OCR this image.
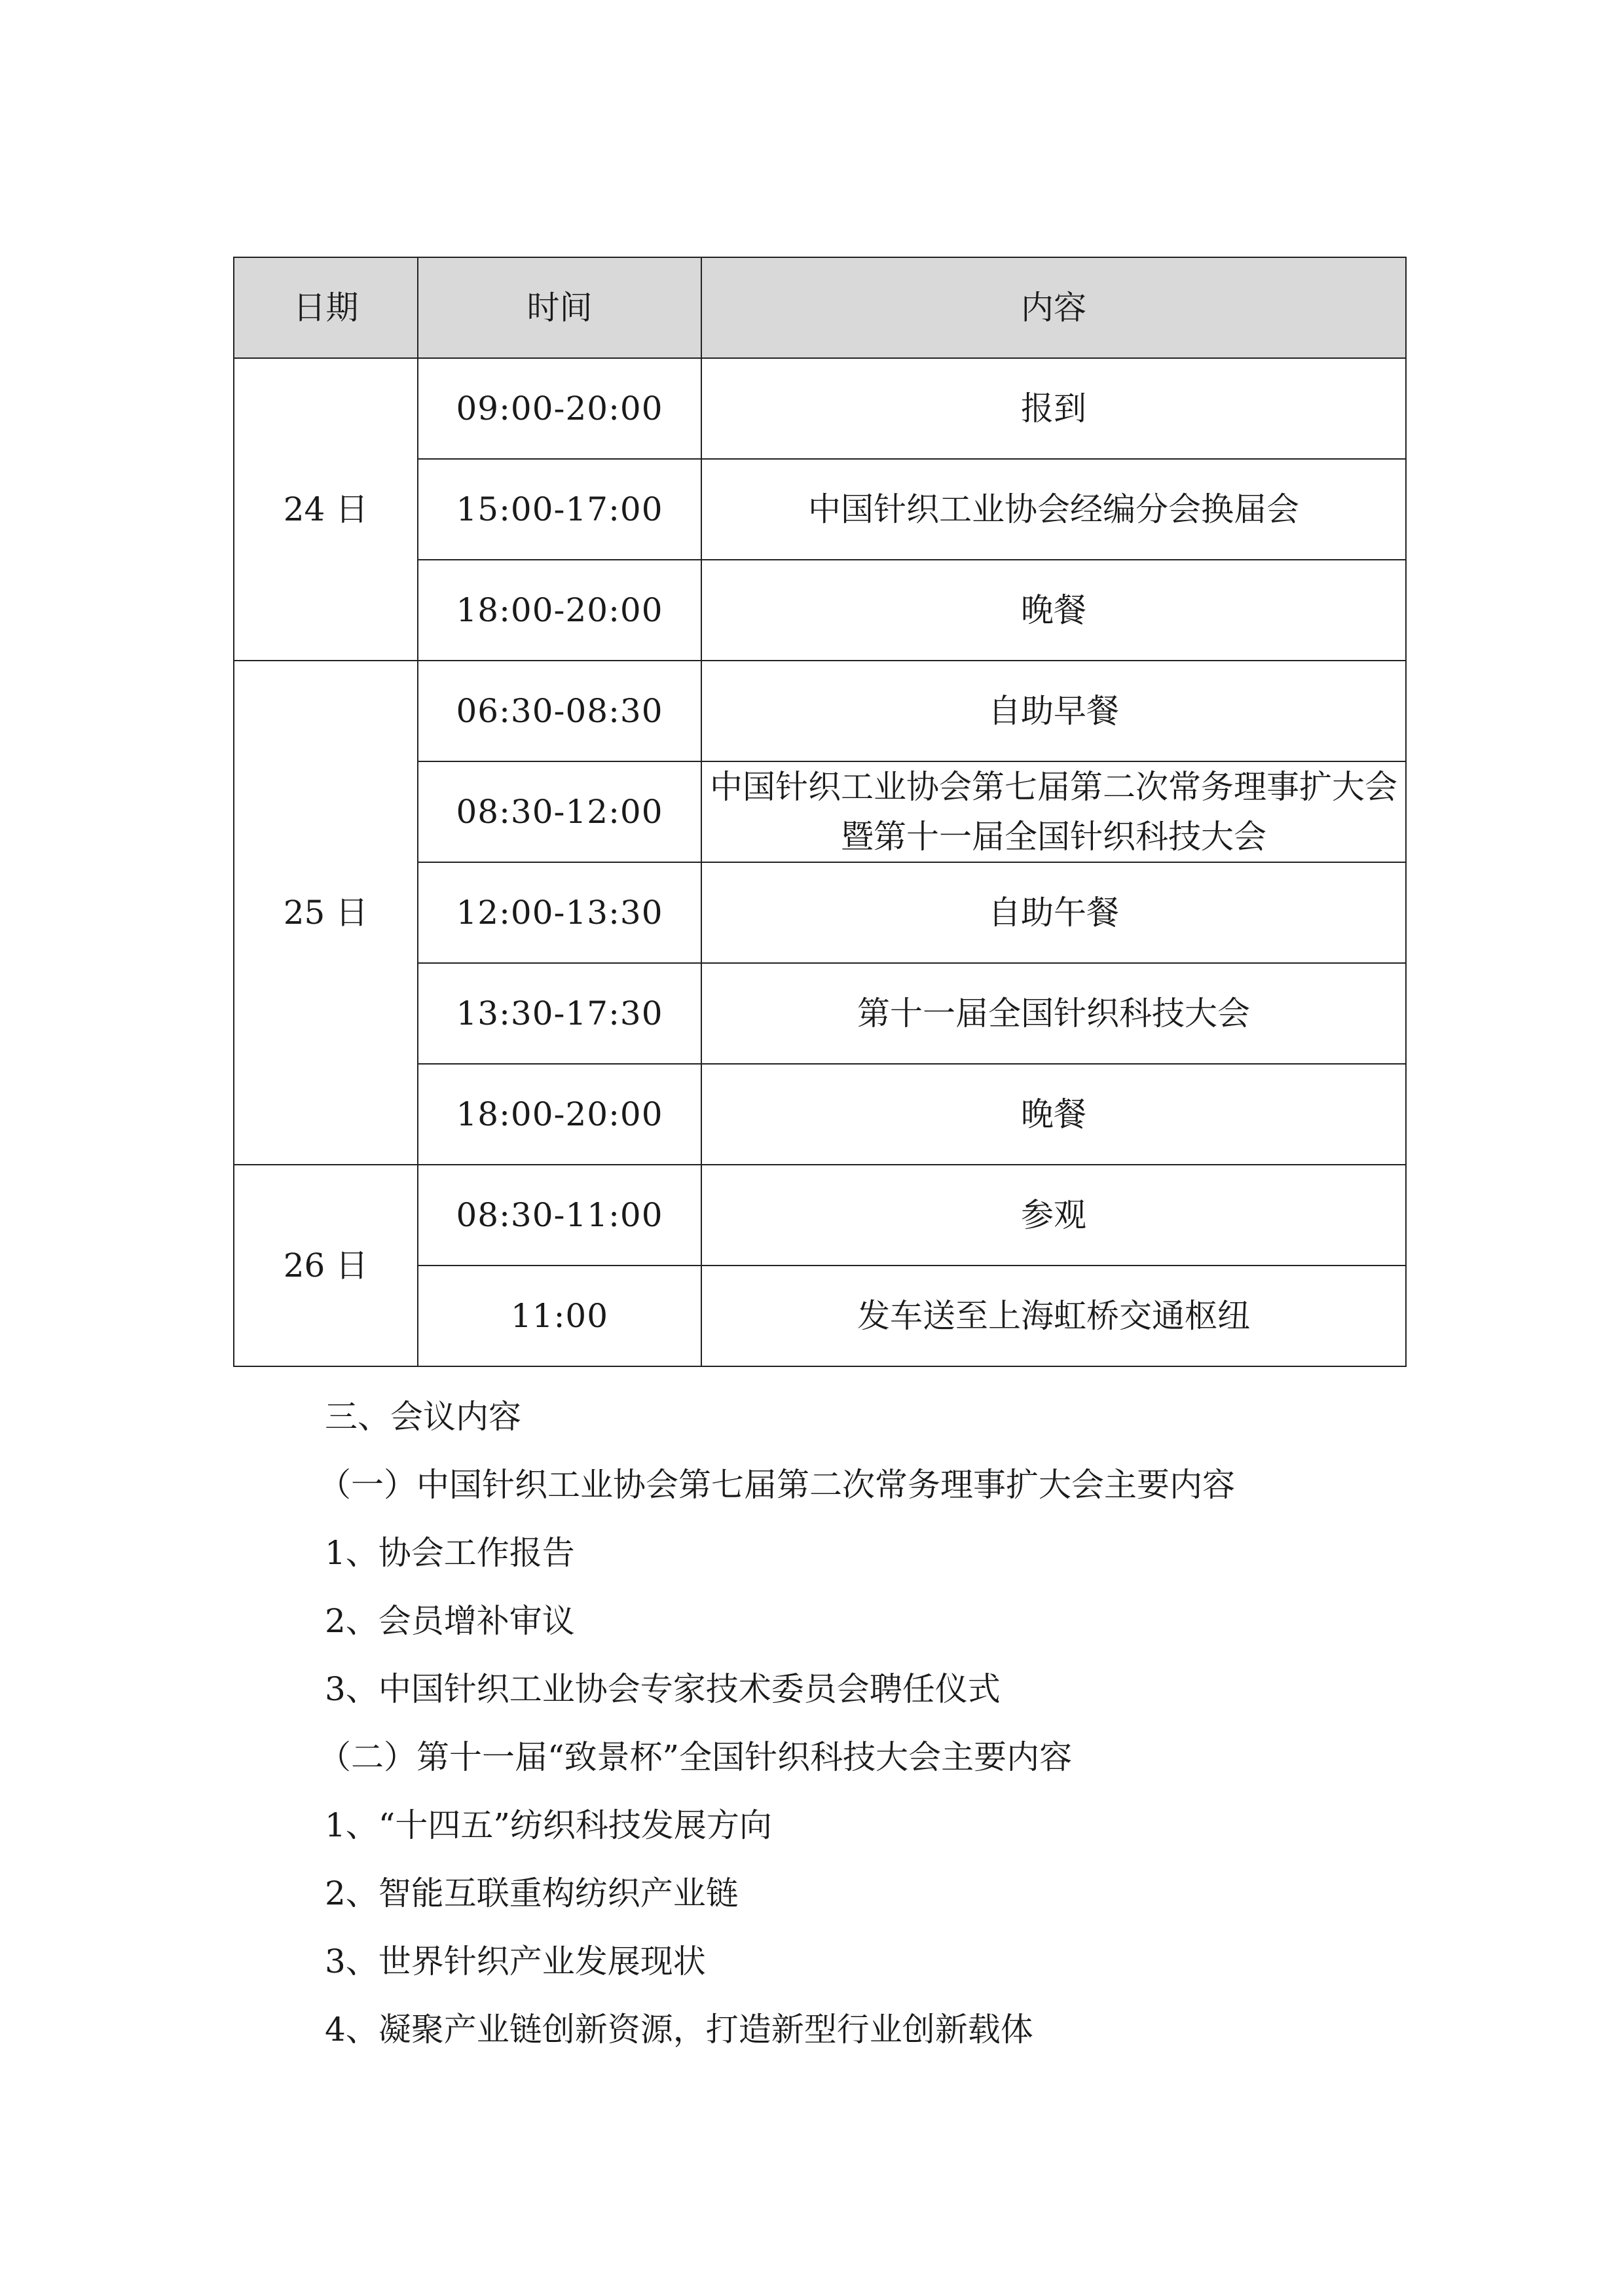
日期	时间	内容
24 日	09:00-20:00	报到
	15:00-17:00	中国针织工业协会经编分会换届会
	18:00-20:00	晚餐
25 日	06:30-08:30	自助早餐
	08:30-12:00	中国针织工业协会第七届第二次常务理事扩大会暨第十一届全国针织科技大会
	12:00-13:30	自助午餐
	13:30-17:30	第十一届全国针织科技大会
	18:00-20:00	晚餐
26 日	08:30-11:00	参观
	11:00	发车送至上海虹桥交通枢纽

三、会议内容

（一）中国针织工业协会第七届第二次常务理事扩大会主要内容

1、协会工作报告

2、会员增补审议

3、中国针织工业协会专家技术委员会聘任仪式

（二）第十一届“致景杯”全国针织科技大会主要内容

1、“十四五”纺织科技发展方向

2、智能互联重构纺织产业链

3、世界针织产业发展现状

4、凝聚产业链创新资源，打造新型行业创新载体
